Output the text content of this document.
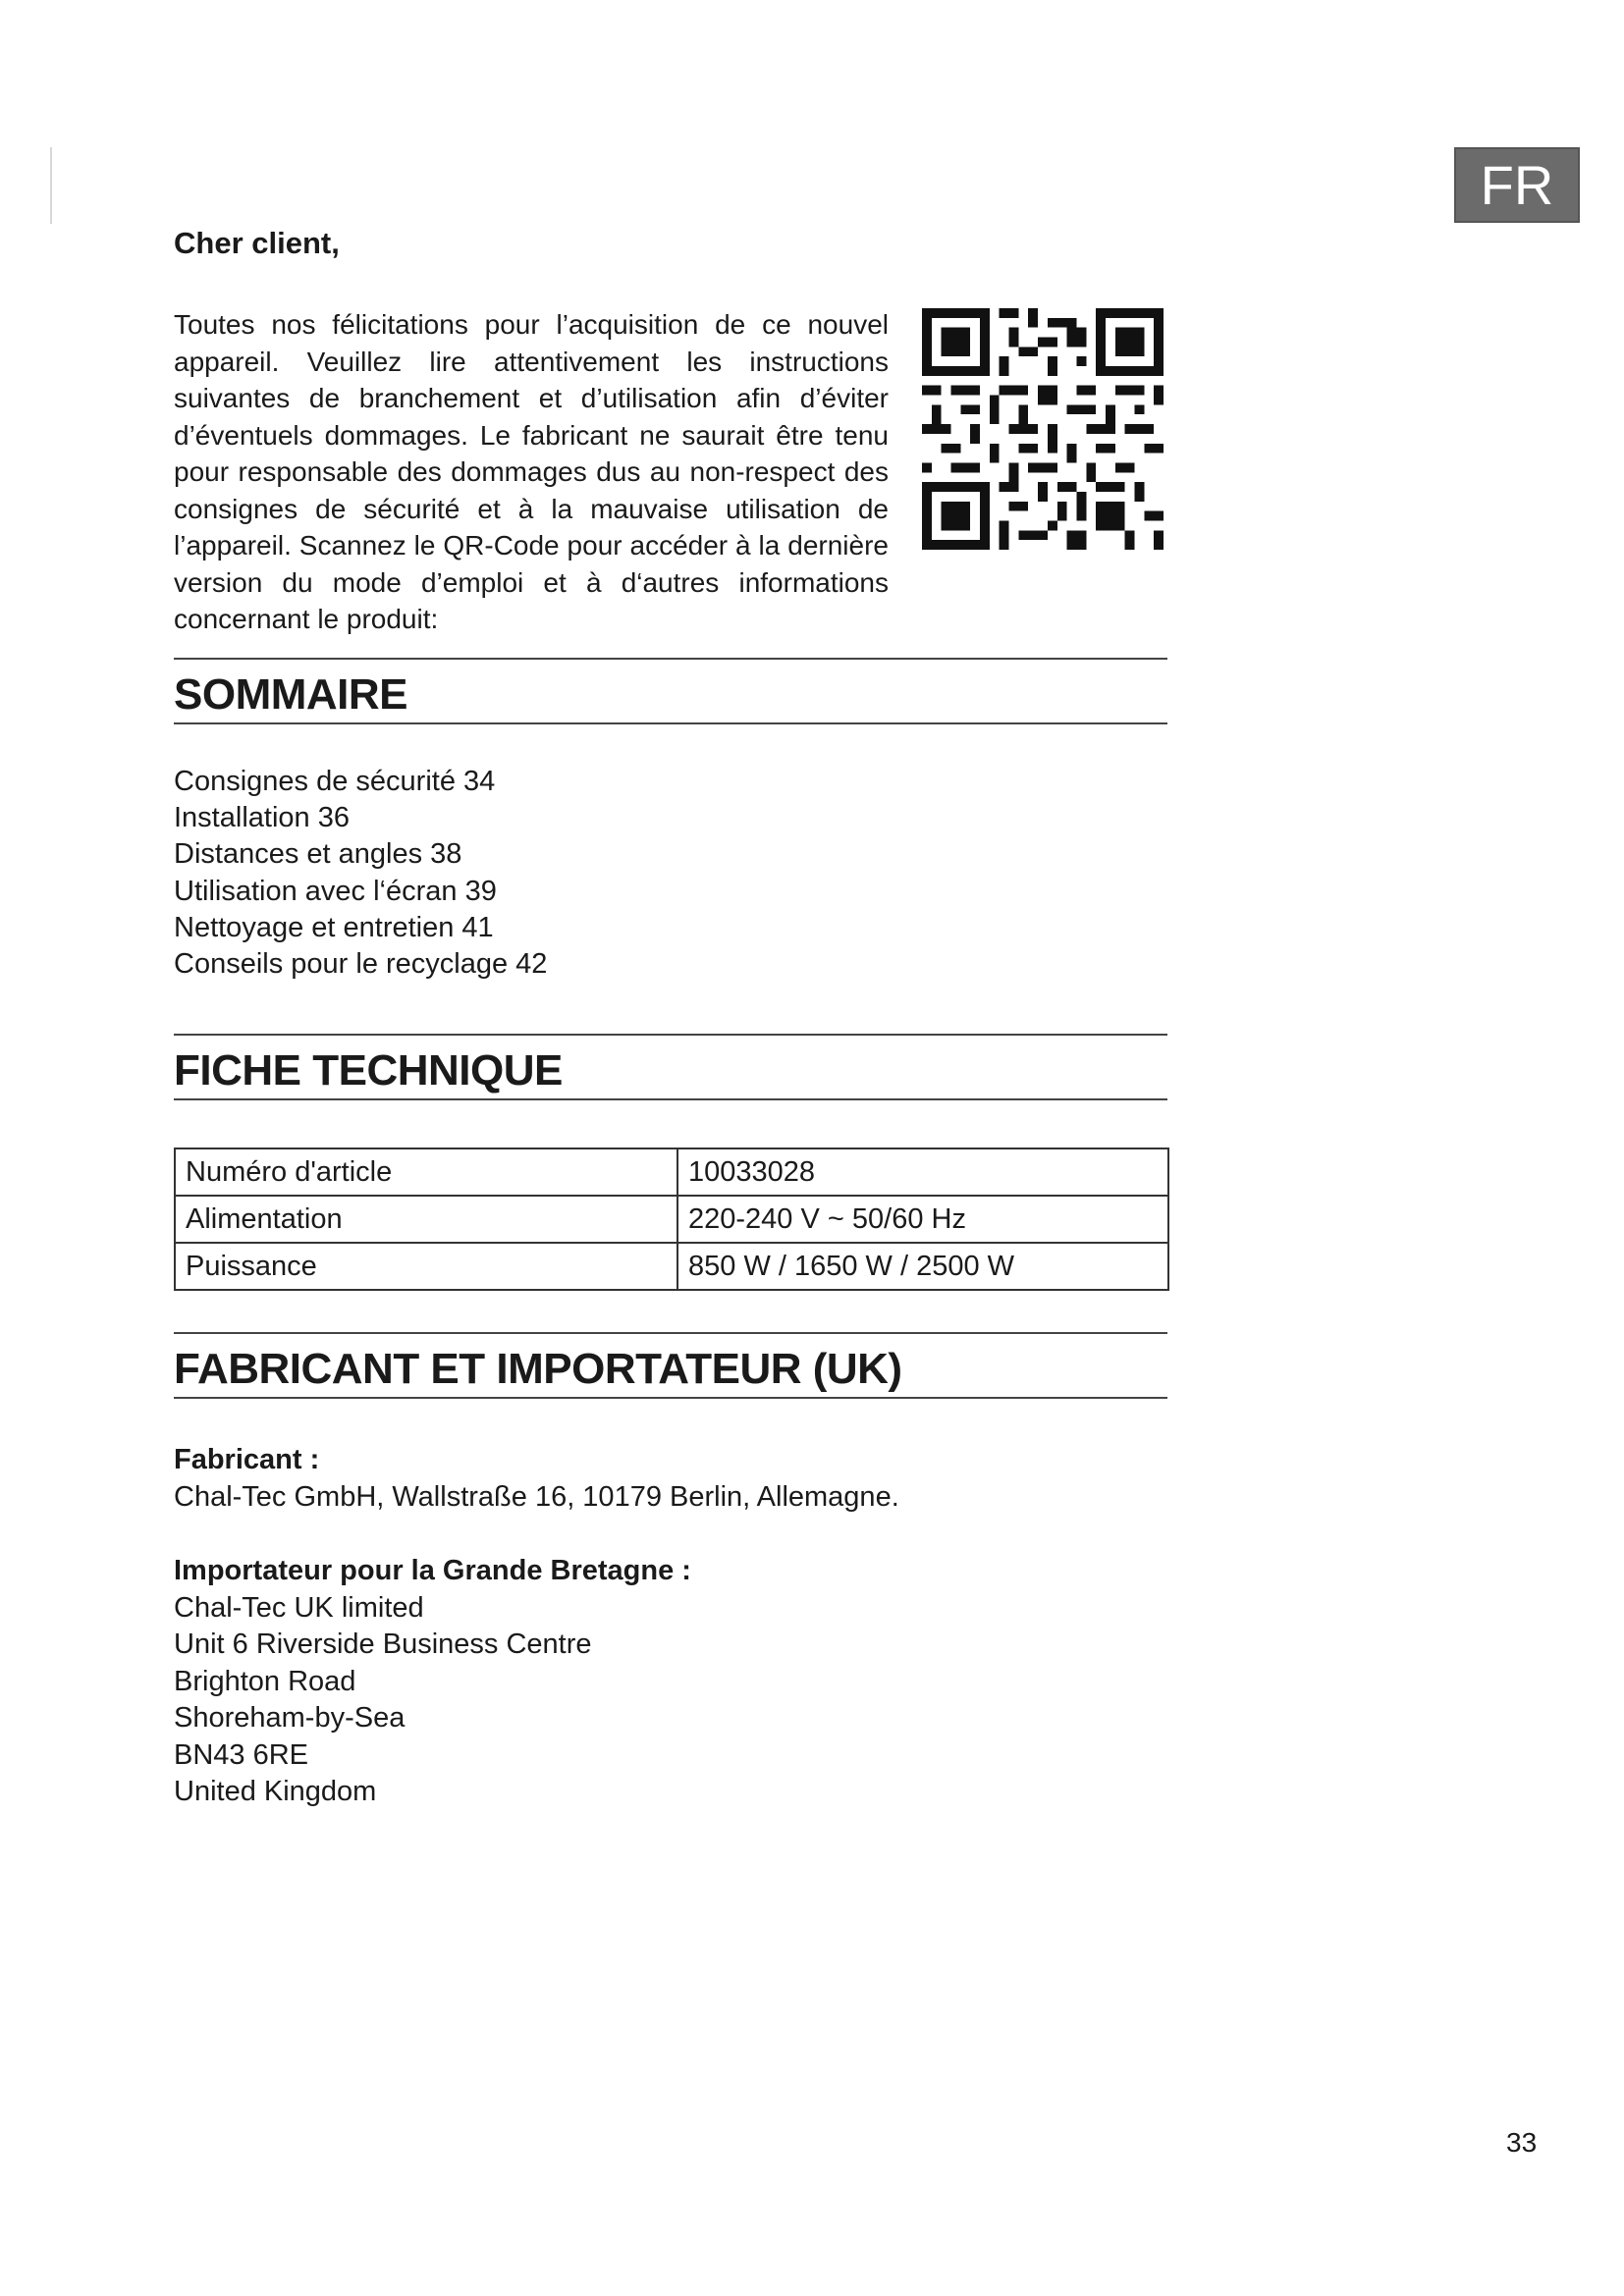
FR

Cher client,

Toutes nos félicitations pour l’acquisition de ce nouvel appareil. Veuillez lire attentivement les instructions suivantes de branchement et d’utilisation afin d’éviter d’éventuels dommages. Le fabricant ne saurait être tenu pour responsable des dommages dus au non-respect des consignes de sécurité et à la mauvaise utilisation de l’appareil. Scannez le QR-Code pour accéder à la dernière version du mode d’emploi et à d‘autres informations concernant le produit:

SOMMAIRE
Consignes de sécurité 34
Installation 36
Distances et angles 38
Utilisation avec l‘écran 39
Nettoyage et entretien 41
Conseils pour le recyclage 42
FICHE TECHNIQUE
Numéro d'article	10033028
Alimentation	220-240 V ~ 50/60 Hz
Puissance	850 W / 1650 W / 2500 W
FABRICANT ET IMPORTATEUR (UK)
Fabricant :
Chal-Tec GmbH, Wallstraße 16, 10179 Berlin, Allemagne.
Importateur pour la Grande Bretagne :
Chal-Tec UK limited
Unit 6 Riverside Business Centre
Brighton Road
Shoreham-by-Sea
BN43 6RE
United Kingdom
33
